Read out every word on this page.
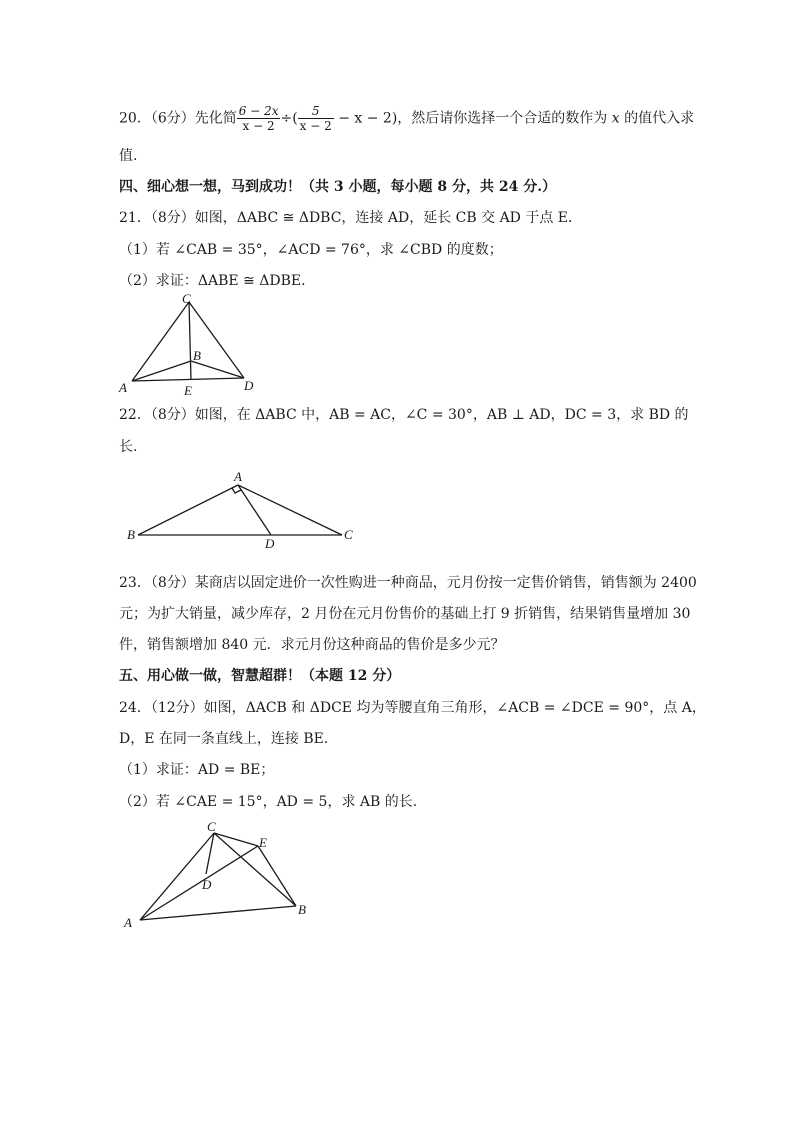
20．（6分）先化简 $\frac{6 - 2x}{x - 2}$ ÷( $\frac{5}{x - 2} - x - 2$)，然后请你选择一个合适的数作为 x 的值代入求
值.
四、细心想一想，马到成功！（共 3 小题，每小题 8 分，共 24 分.）
21．（8分）如图，ΔABC ≅ ΔDBC，连接 AD，延长 CB 交 AD 于点 E．
（1）若 ∠CAB = 35°，∠ACD = 76°，求 ∠CBD 的度数；
（2）求证：ΔABE ≅ ΔDBE．
C
B
A	E	D
22．（8分）如图，在 ΔABC 中，AB = AC，∠C = 30°，AB ⊥ AD，DC = 3，求 BD 的
长.
A
B
D
C
23．（8分）某商店以固定进价一次性购进一种商品，元月份按一定售价销售，销售额为 2400
元；为扩大销量，减少库存，2 月份在元月份售价的基础上打 9 折销售，结果销售量增加 30
件，销售额增加 840 元．求元月份这种商品的售价是多少元？
五、用心做一做，智慧超群！（本题 12 分）
24．（12分）如图，ΔACB 和 ΔDCE 均为等腰直角三角形，∠ACB = ∠DCE = 90°，点 A，
D，E 在同一条直线上，连接 BE．
（1）求证：AD = BE；
（2）若 ∠CAE = 15°，AD = 5，求 AB 的长.
C
E
D
A
B
